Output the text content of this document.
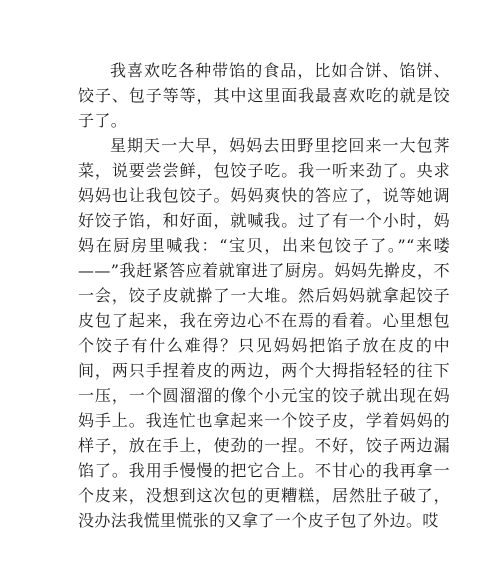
我喜欢吃各种带馅的食品，比如合饼、馅饼、饺子、包子等等，其中这里面我最喜欢吃的就是饺子了。

星期天一大早，妈妈去田野里挖回来一大包荠菜，说要尝尝鲜，包饺子吃。我一听来劲了。央求妈妈也让我包饺子。妈妈爽快的答应了，说等她调好饺子馅，和好面，就喊我。过了有一个小时，妈妈在厨房里喊我：“宝贝，出来包饺子了。”“来喽——”我赶紧答应着就窜进了厨房。妈妈先擀皮，不一会，饺子皮就擀了一大堆。然后妈妈就拿起饺子皮包了起来，我在旁边心不在焉的看着。心里想包个饺子有什么难得？只见妈妈把馅子放在皮的中间，两只手捏着皮的两边，两个大拇指轻轻的往下一压，一个圆溜溜的像个小元宝的饺子就出现在妈妈手上。我连忙也拿起来一个饺子皮，学着妈妈的样子，放在手上，使劲的一捏。不好，饺子两边漏馅了。我用手慢慢的把它合上。不甘心的我再拿一个皮来，没想到这次包的更糟糕，居然肚子破了，没办法我慌里慌张的又拿了一个皮子包了外边。哎
